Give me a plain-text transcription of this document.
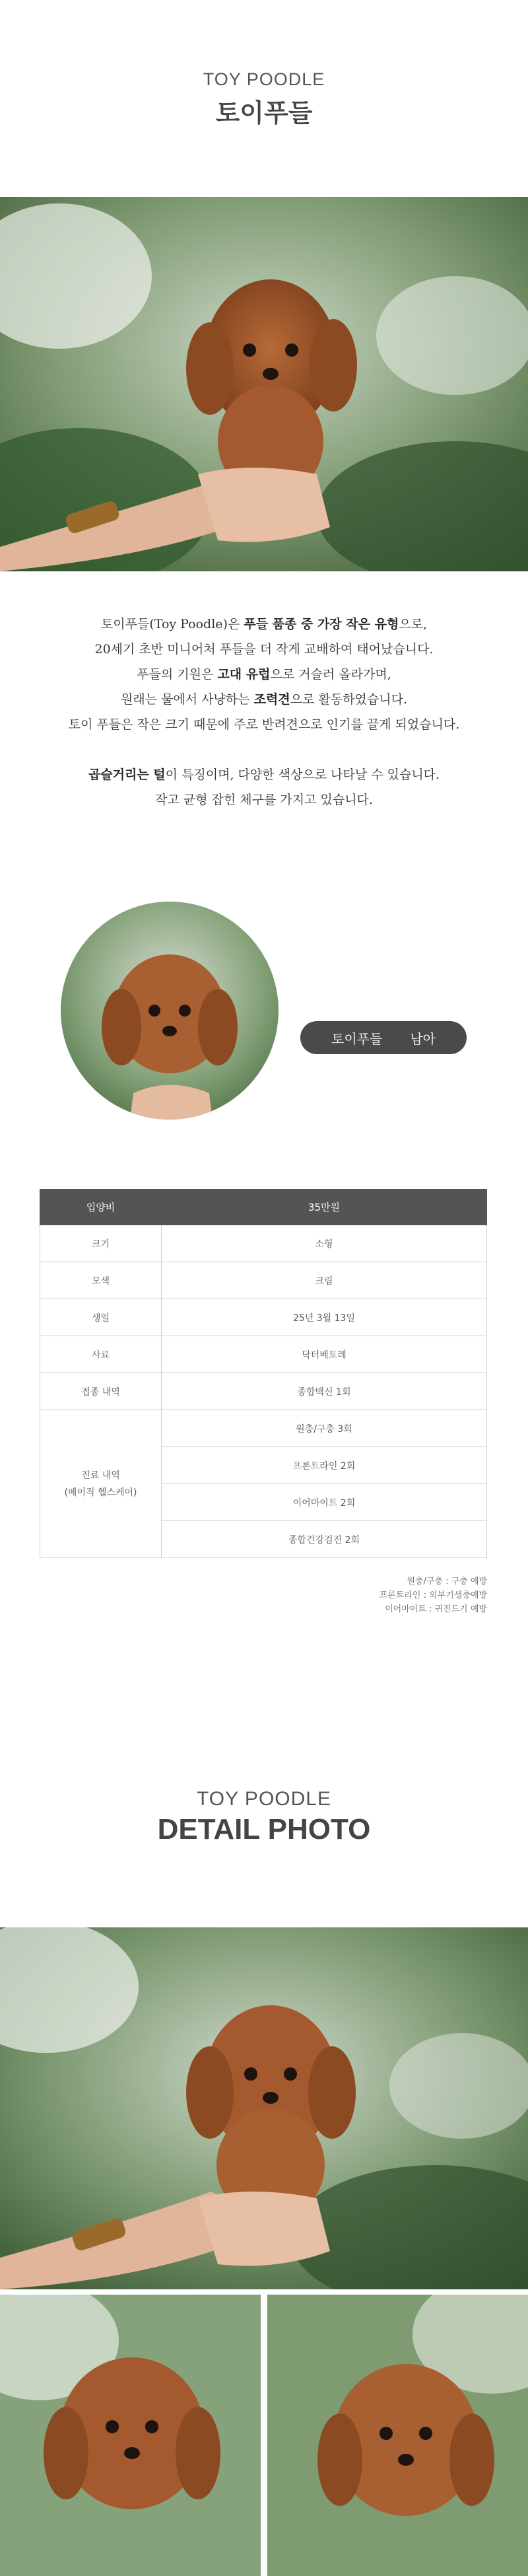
TOY POODLE
토이푸들

토이푸들(Toy Poodle)은 푸들 품종 중 가장 작은 유형으로,

20세기 초반 미니어처 푸들을 더 작게 교배하여 태어났습니다.

푸들의 기원은 고대 유럽으로 거슬러 올라가며,

원래는 물에서 사냥하는 조력견으로 활동하였습니다.

토이 푸들은 작은 크기 때문에 주로 반려견으로 인기를 끌게 되었습니다.

곱슬거리는 털이 특징이며, 다양한 색상으로 나타날 수 있습니다.

작고 균형 잡힌 체구를 가지고 있습니다.

토이푸들 남아
입양비	35만원
크기	소형
모색	크림
생일	25년 3월 13일
사료	닥터베토레
접종 내역	종합백신 1회
진료 내역
(베이직 헬스케어)	원충/구충 3회
	프론트라인 2회
	이어마이트 2회
	종합건강검진 2회
원충/구충 : 구충 예방
프론트라인 : 외부기생충예방
이어마이트 : 귀진드기 예방
TOY POODLE
DETAIL PHOTO
